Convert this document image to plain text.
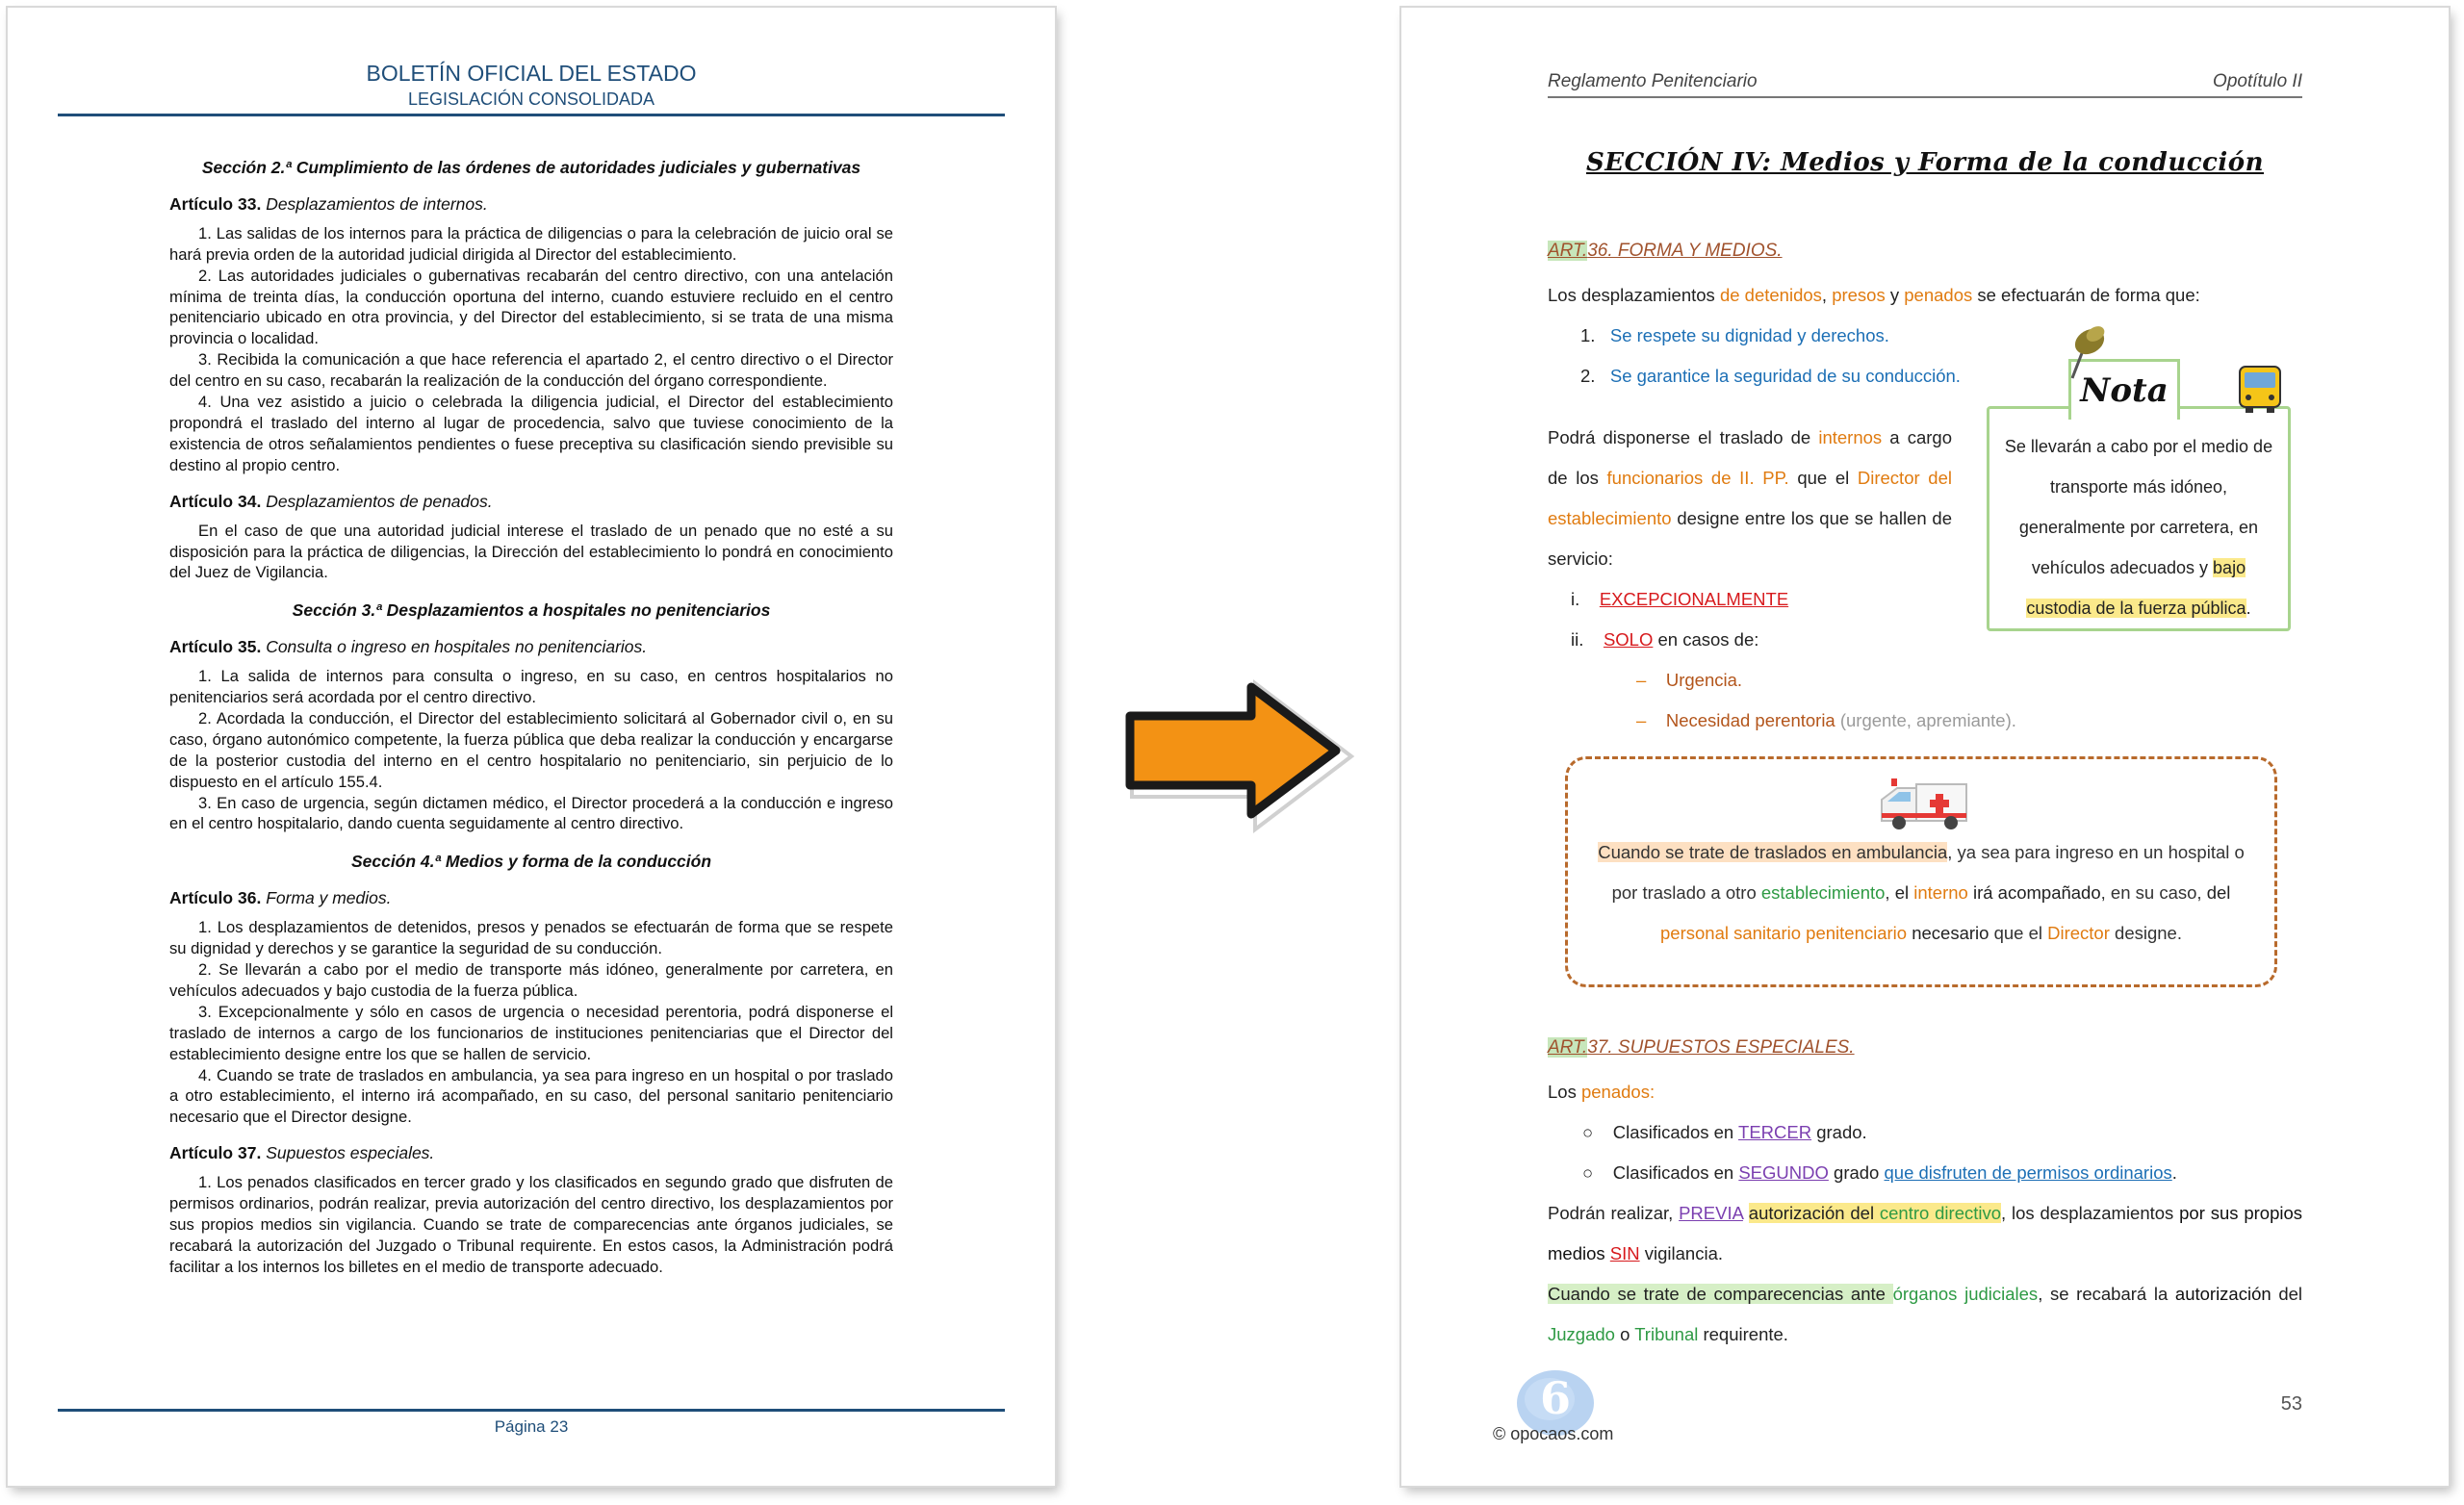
BOLETÍN OFICIAL DEL ESTADO
LEGISLACIÓN CONSOLIDADA
Sección 2.ª Cumplimiento de las órdenes de autoridades judiciales y gubernativas
Artículo 33. Desplazamientos de internos.
1. Las salidas de los internos para la práctica de diligencias o para la celebración de juicio oral se hará previa orden de la autoridad judicial dirigida al Director del establecimiento.
2. Las autoridades judiciales o gubernativas recabarán del centro directivo, con una antelación mínima de treinta días, la conducción oportuna del interno, cuando estuviere recluido en el centro penitenciario ubicado en otra provincia, y del Director del establecimiento, si se trata de una misma provincia o localidad.
3. Recibida la comunicación a que hace referencia el apartado 2, el centro directivo o el Director del centro en su caso, recabarán la realización de la conducción del órgano correspondiente.
4. Una vez asistido a juicio o celebrada la diligencia judicial, el Director del establecimiento propondrá el traslado del interno al lugar de procedencia, salvo que tuviese conocimiento de la existencia de otros señalamientos pendientes o fuese preceptiva su clasificación siendo previsible su destino al propio centro.
Artículo 34. Desplazamientos de penados.
En el caso de que una autoridad judicial interese el traslado de un penado que no esté a su disposición para la práctica de diligencias, la Dirección del establecimiento lo pondrá en conocimiento del Juez de Vigilancia.
Sección 3.ª Desplazamientos a hospitales no penitenciarios
Artículo 35. Consulta o ingreso en hospitales no penitenciarios.
1. La salida de internos para consulta o ingreso, en su caso, en centros hospitalarios no penitenciarios será acordada por el centro directivo.
2. Acordada la conducción, el Director del establecimiento solicitará al Gobernador civil o, en su caso, órgano autonómico competente, la fuerza pública que deba realizar la conducción y encargarse de la posterior custodia del interno en el centro hospitalario no penitenciario, sin perjuicio de lo dispuesto en el artículo 155.4.
3. En caso de urgencia, según dictamen médico, el Director procederá a la conducción e ingreso en el centro hospitalario, dando cuenta seguidamente al centro directivo.
Sección 4.ª Medios y forma de la conducción
Artículo 36. Forma y medios.
1. Los desplazamientos de detenidos, presos y penados se efectuarán de forma que se respete su dignidad y derechos y se garantice la seguridad de su conducción.
2. Se llevarán a cabo por el medio de transporte más idóneo, generalmente por carretera, en vehículos adecuados y bajo custodia de la fuerza pública.
3. Excepcionalmente y sólo en casos de urgencia o necesidad perentoria, podrá disponerse el traslado de internos a cargo de los funcionarios de instituciones penitenciarias que el Director del establecimiento designe entre los que se hallen de servicio.
4. Cuando se trate de traslados en ambulancia, ya sea para ingreso en un hospital o por traslado a otro establecimiento, el interno irá acompañado, en su caso, del personal sanitario penitenciario necesario que el Director designe.
Artículo 37. Supuestos especiales.
1. Los penados clasificados en tercer grado y los clasificados en segundo grado que disfruten de permisos ordinarios, podrán realizar, previa autorización del centro directivo, los desplazamientos por sus propios medios sin vigilancia. Cuando se trate de comparecencias ante órganos judiciales, se recabará la autorización del Juzgado o Tribunal requirente. En estos casos, la Administración podrá facilitar a los internos los billetes en el medio de transporte adecuado.
Página 23
Reglamento Penitenciario	Opotítulo II
SECCIÓN IV: Medios y Forma de la conducción
ART.36. FORMA Y MEDIOS.
Los desplazamientos de detenidos, presos y penados se efectuarán de forma que:
1. Se respete su dignidad y derechos.
2. Se garantice la seguridad de su conducción.
Podrá disponerse el traslado de internos a cargo de los funcionarios de II. PP. que el Director del establecimiento designe entre los que se hallen de servicio:
i. EXCEPCIONALMENTE
ii. SOLO en casos de:
– Urgencia.
– Necesidad perentoria (urgente, apremiante).
Nota
Se llevarán a cabo por el medio de transporte más idóneo, generalmente por carretera, en vehículos adecuados y bajo custodia de la fuerza pública.
Cuando se trate de traslados en ambulancia, ya sea para ingreso en un hospital o por traslado a otro establecimiento, el interno irá acompañado, en su caso, del personal sanitario penitenciario necesario que el Director designe.
ART.37. SUPUESTOS ESPECIALES.
Los penados:
○ Clasificados en TERCER grado.
○ Clasificados en SEGUNDO grado que disfruten de permisos ordinarios.
Podrán realizar, PREVIA autorización del centro directivo, los desplazamientos por sus propios medios SIN vigilancia.
Cuando se trate de comparecencias ante órganos judiciales, se recabará la autorización del Juzgado o Tribunal requirente.
6
© opocaos.com
53
